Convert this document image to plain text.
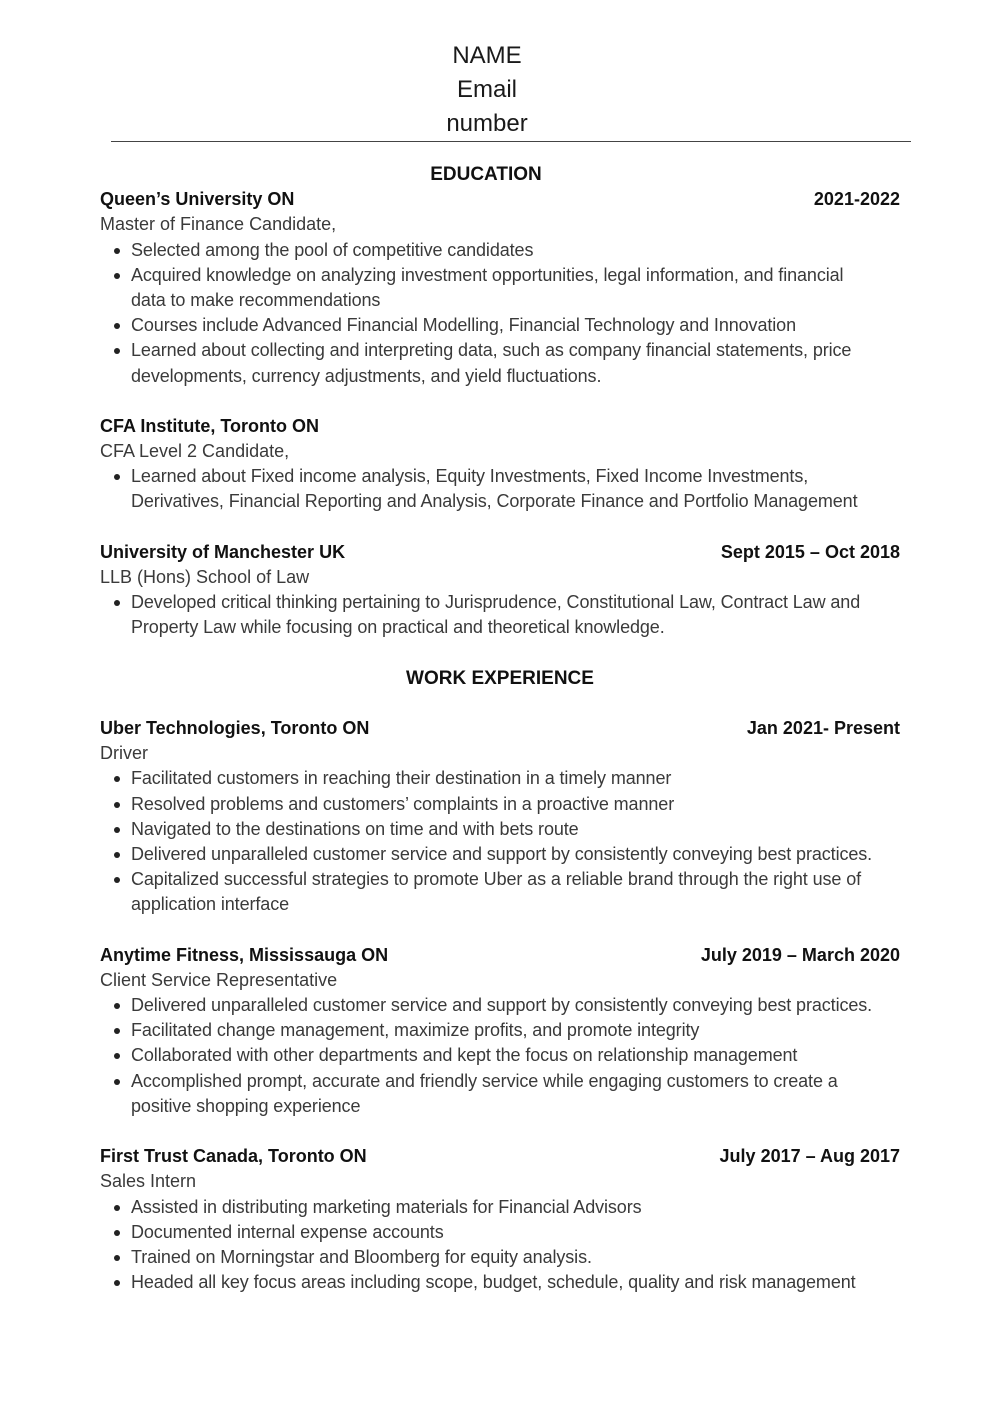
NAME
Email
number
EDUCATION
Queen’s University ON	2021-2022
Master of Finance Candidate,
Selected among the pool of competitive candidates
Acquired knowledge on analyzing investment opportunities, legal information, and financial
data to make recommendations
Courses include Advanced Financial Modelling, Financial Technology and Innovation
Learned about collecting and interpreting data, such as company financial statements, price
developments, currency adjustments, and yield fluctuations.
CFA Institute, Toronto ON
CFA Level 2 Candidate,
Learned about Fixed income analysis, Equity Investments, Fixed Income Investments,
Derivatives, Financial Reporting and Analysis, Corporate Finance and Portfolio Management
University of Manchester UK	Sept 2015 – Oct 2018
LLB (Hons) School of Law
Developed critical thinking pertaining to Jurisprudence, Constitutional Law, Contract Law and
Property Law while focusing on practical and theoretical knowledge.
WORK EXPERIENCE
Uber Technologies, Toronto ON	Jan 2021- Present
Driver
Facilitated customers in reaching their destination in a timely manner
Resolved problems and customers’ complaints in a proactive manner
Navigated to the destinations on time and with bets route
Delivered unparalleled customer service and support by consistently conveying best practices.
Capitalized successful strategies to promote Uber as a reliable brand through the right use of
application interface
Anytime Fitness, Mississauga ON	July 2019 – March 2020
Client Service Representative
Delivered unparalleled customer service and support by consistently conveying best practices.
Facilitated change management, maximize profits, and promote integrity
Collaborated with other departments and kept the focus on relationship management
Accomplished prompt, accurate and friendly service while engaging customers to create a
positive shopping experience
First Trust Canada, Toronto ON	July 2017 – Aug 2017
Sales Intern
Assisted in distributing marketing materials for Financial Advisors
Documented internal expense accounts
Trained on Morningstar and Bloomberg for equity analysis.
Headed all key focus areas including scope, budget, schedule, quality and risk management
